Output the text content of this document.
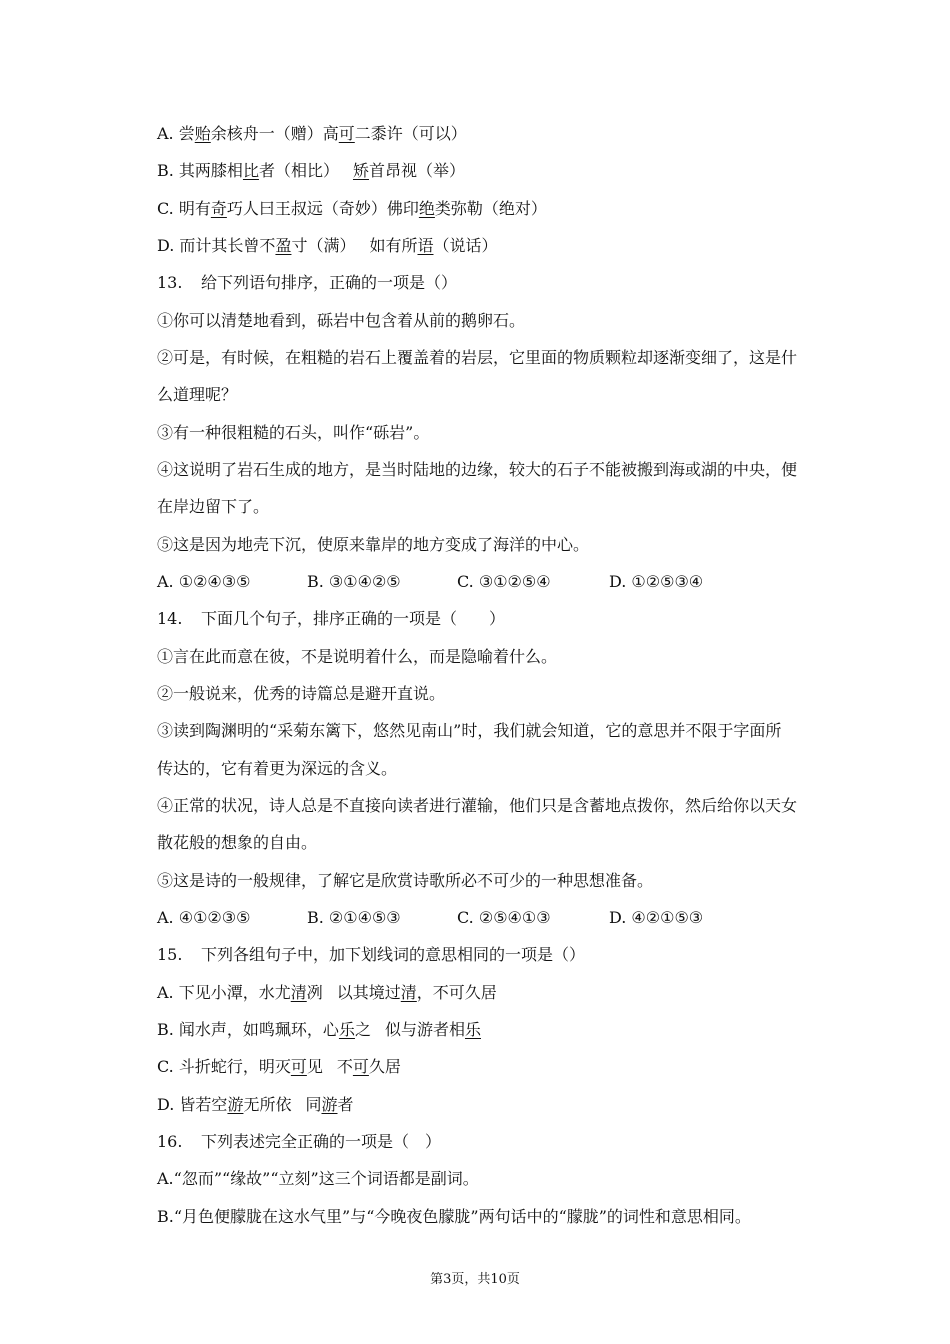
A. 尝贻余核舟一（赠）高可二黍许（可以）
B. 其两膝相比者（相比） 矫首昂视（举）
C. 明有奇巧人曰王叔远（奇妙）佛印绝类弥勒（绝对）
D. 而计其长曾不盈寸（满） 如有所语（说话）
13. 给下列语句排序，正确的一项是（）
①你可以清楚地看到，砾岩中包含着从前的鹅卵石。
②可是，有时候，在粗糙的岩石上覆盖着的岩层，它里面的物质颗粒却逐渐变细了，这是什
么道理呢？
③有一种很粗糙的石头，叫作“砾岩”。
④这说明了岩石生成的地方，是当时陆地的边缘，较大的石子不能被搬到海或湖的中央，便
在岸边留下了。
⑤这是因为地壳下沉，使原来靠岸的地方变成了海洋的中心。
A. ①②④③⑤	B. ③①④②⑤	C. ③①②⑤④	D. ①②⑤③④
14. 下面几个句子，排序正确的一项是（　　）
①言在此而意在彼，不是说明着什么，而是隐喻着什么。
②一般说来，优秀的诗篇总是避开直说。
③读到陶渊明的“采菊东篱下，悠然见南山”时，我们就会知道，它的意思并不限于字面所
传达的，它有着更为深远的含义。
④正常的状况，诗人总是不直接向读者进行灌输，他们只是含蓄地点拨你，然后给你以天女
散花般的想象的自由。
⑤这是诗的一般规律，了解它是欣赏诗歌所必不可少的一种思想准备。
A. ④①②③⑤	B. ②①④⑤③	C. ②⑤④①③	D. ④②①⑤③
15. 下列各组句子中，加下划线词的意思相同的一项是（）
A. 下见小潭，水尤清冽 以其境过清，不可久居
B. 闻水声，如鸣珮环，心乐之 似与游者相乐
C. 斗折蛇行，明灭可见 不可久居
D. 皆若空游无所依 同游者
16. 下列表述完全正确的一项是（　）
A.“忽而”“缘故”“立刻”这三个词语都是副词。
B.“月色便朦胧在这水气里”与“今晚夜色朦胧”两句话中的“朦胧”的词性和意思相同。
第3页，共10页
